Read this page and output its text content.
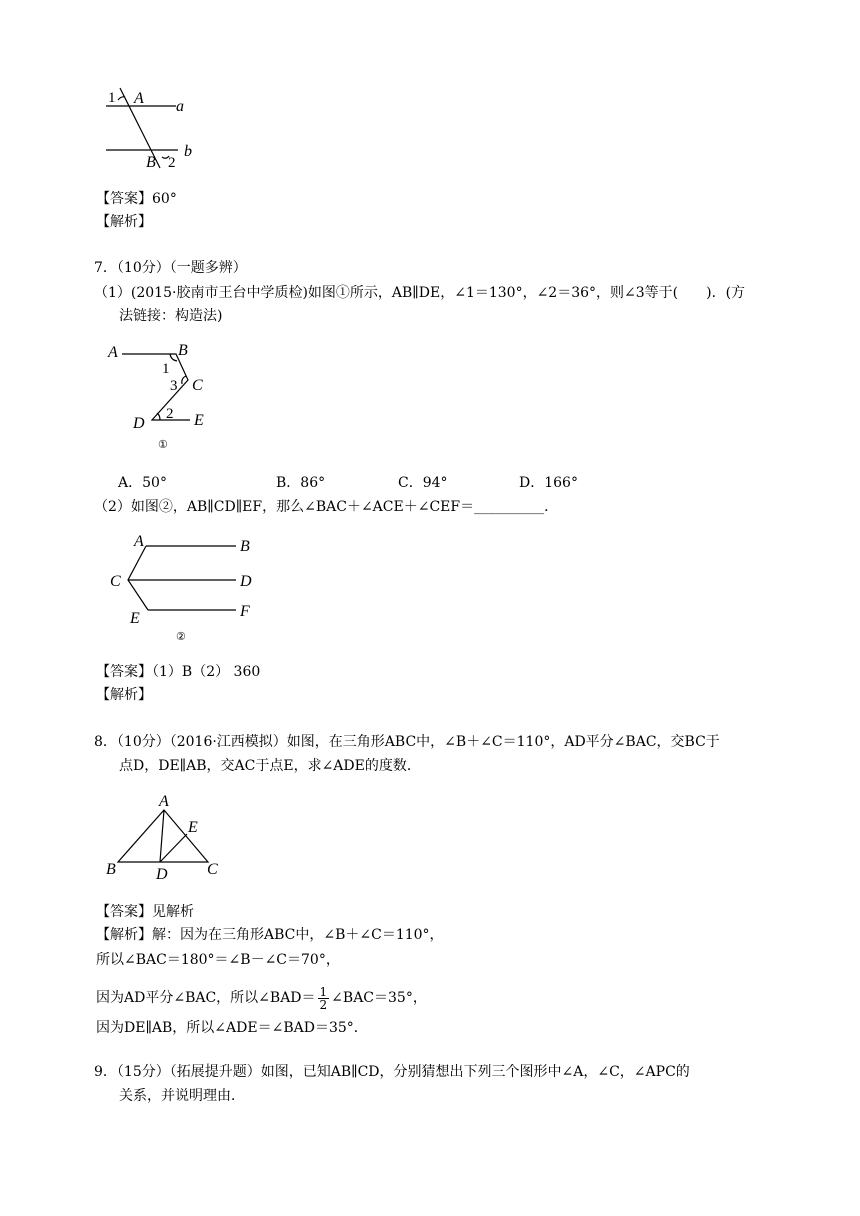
1 A a
B 2
b
【答案】60°
【解析】
7．（10分）（一题多辨）
（1）(2015·胶南市王台中学质检)如图①所示，AB∥DE，∠1＝130°，∠2＝36°，则∠3等于(　　)．(方
法链接：构造法)
A	B
1
3 C
D
2 E
①
A．50°	B．86°	C．94°	D．166°
（2）如图②，AB∥CD∥EF，那么∠BAC＋∠ACE＋∠CEF＝__________．
A	B
C	D
E	F
②
【答案】（1）B（2） 360
【解析】
8．（10分）（2016·江西模拟）如图，在三角形ABC中，∠B＋∠C＝110°，AD平分∠BAC，交BC于
点D，DE∥AB，交AC于点E，求∠ADE的度数．
A
B	C
D
E
【答案】见解析
【解析】解：因为在三角形ABC中，∠B＋∠C＝110°，
所以∠BAC＝180°＝∠B－∠C＝70°，
因为AD平分∠BAC，所以∠BAD＝ $\frac{1}{2}$ ∠BAC＝35°，
因为DE∥AB，所以∠ADE＝∠BAD＝35°．
9．（15分）（拓展提升题）如图，已知AB∥CD，分别猜想出下列三个图形中∠A，∠C，∠APC的
关系，并说明理由．
